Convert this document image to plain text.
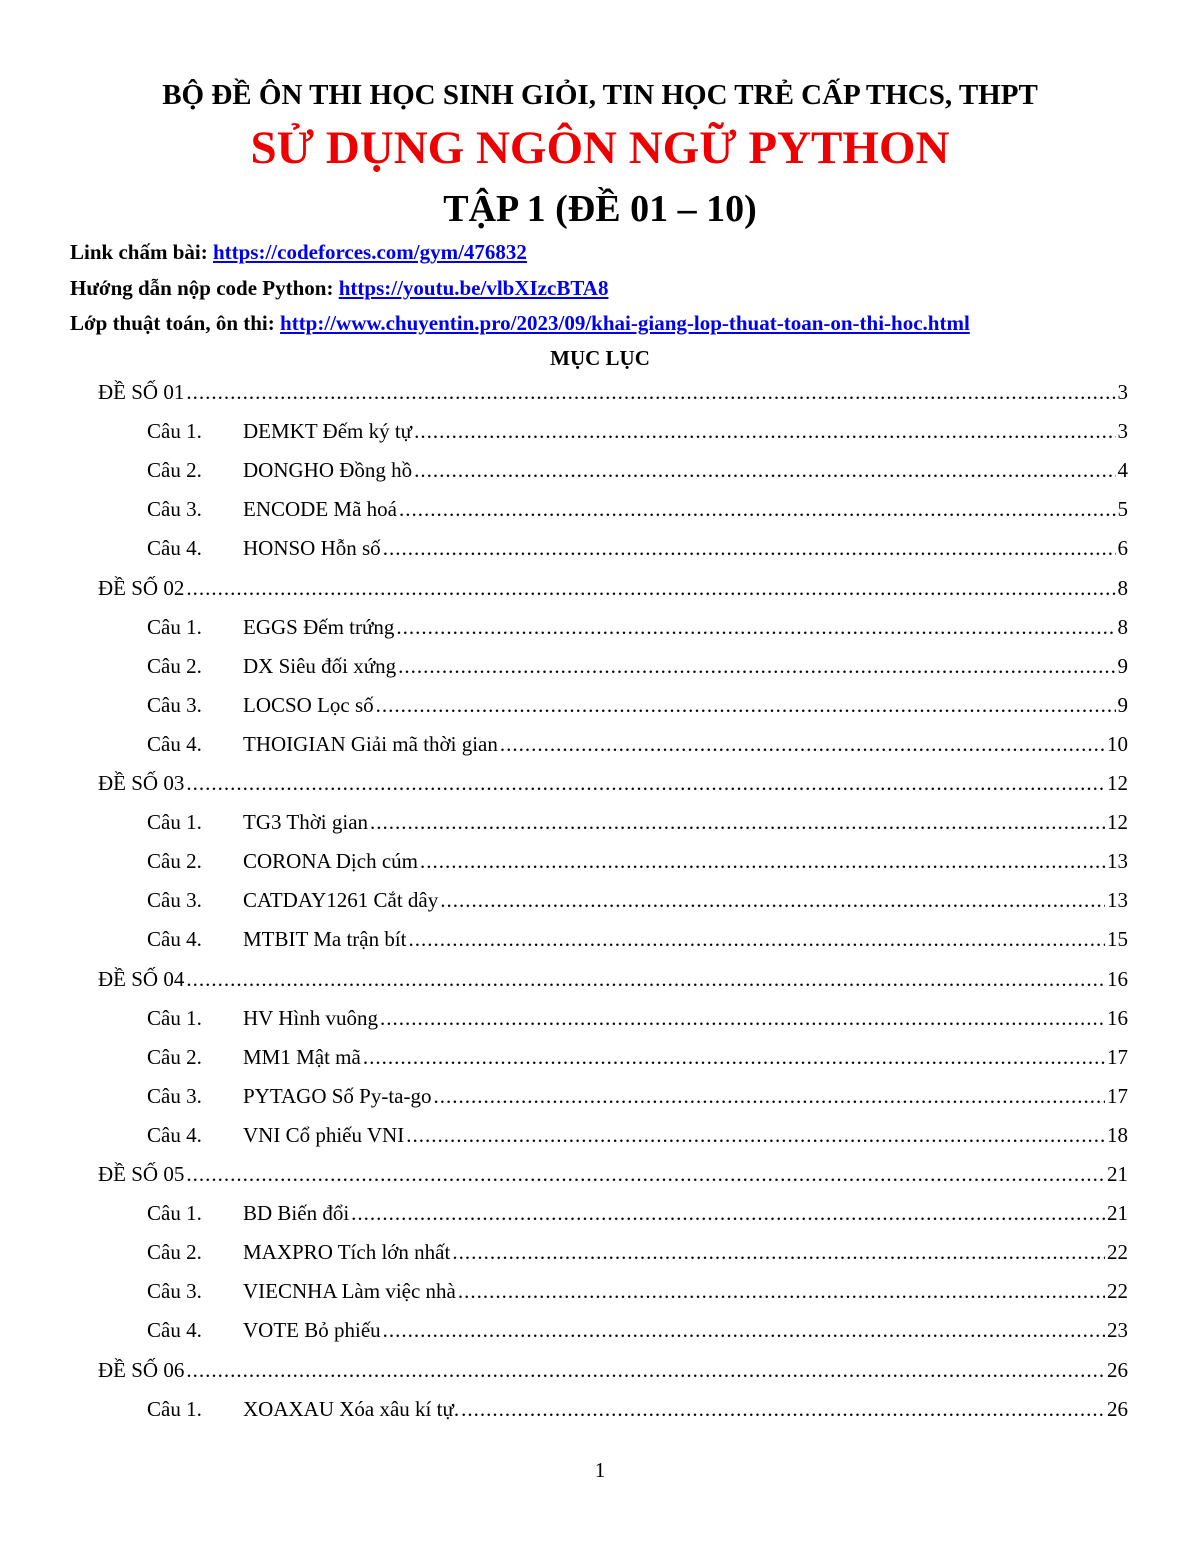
BỘ ĐỀ ÔN THI HỌC SINH GIỎI, TIN HỌC TRẺ CẤP THCS, THPT
SỬ DỤNG NGÔN NGỮ PYTHON
TẬP 1 (ĐỀ 01 – 10)
Link chấm bài: https://codeforces.com/gym/476832
Hướng dẫn nộp code Python: https://youtu.be/vlbXIzcBTA8
Lớp thuật toán, ôn thi: http://www.chuyentin.pro/2023/09/khai-giang-lop-thuat-toan-on-thi-hoc.html
MỤC LỤC
ĐỀ SỐ 01 .....	3
Câu 1.	DEMKT Đếm ký tự .....	3
Câu 2.	DONGHO Đồng hồ .....	4
Câu 3.	ENCODE Mã hoá .....	5
Câu 4.	HONSO Hỗn số .....	6
ĐỀ SỐ 02 .....	8
Câu 1.	EGGS Đếm trứng .....	8
Câu 2.	DX Siêu đối xứng .....	9
Câu 3.	LOCSO Lọc số .....	9
Câu 4.	THOIGIAN Giải mã thời gian .....	10
ĐỀ SỐ 03 .....	12
Câu 1.	TG3 Thời gian .....	12
Câu 2.	CORONA Dịch cúm .....	13
Câu 3.	CATDAY1261 Cắt dây .....	13
Câu 4.	MTBIT Ma trận bít .....	15
ĐỀ SỐ 04 .....	16
Câu 1.	HV Hình vuông .....	16
Câu 2.	MM1 Mật mã .....	17
Câu 3.	PYTAGO Số Py-ta-go .....	17
Câu 4.	VNI Cổ phiếu VNI .....	18
ĐỀ SỐ 05 .....	21
Câu 1.	BD Biến đổi .....	21
Câu 2.	MAXPRO Tích lớn nhất .....	22
Câu 3.	VIECNHA Làm việc nhà .....	22
Câu 4.	VOTE Bỏ phiếu .....	23
ĐỀ SỐ 06 .....	26
Câu 1.	XOAXAU Xóa xâu kí tự. .....	26
1
